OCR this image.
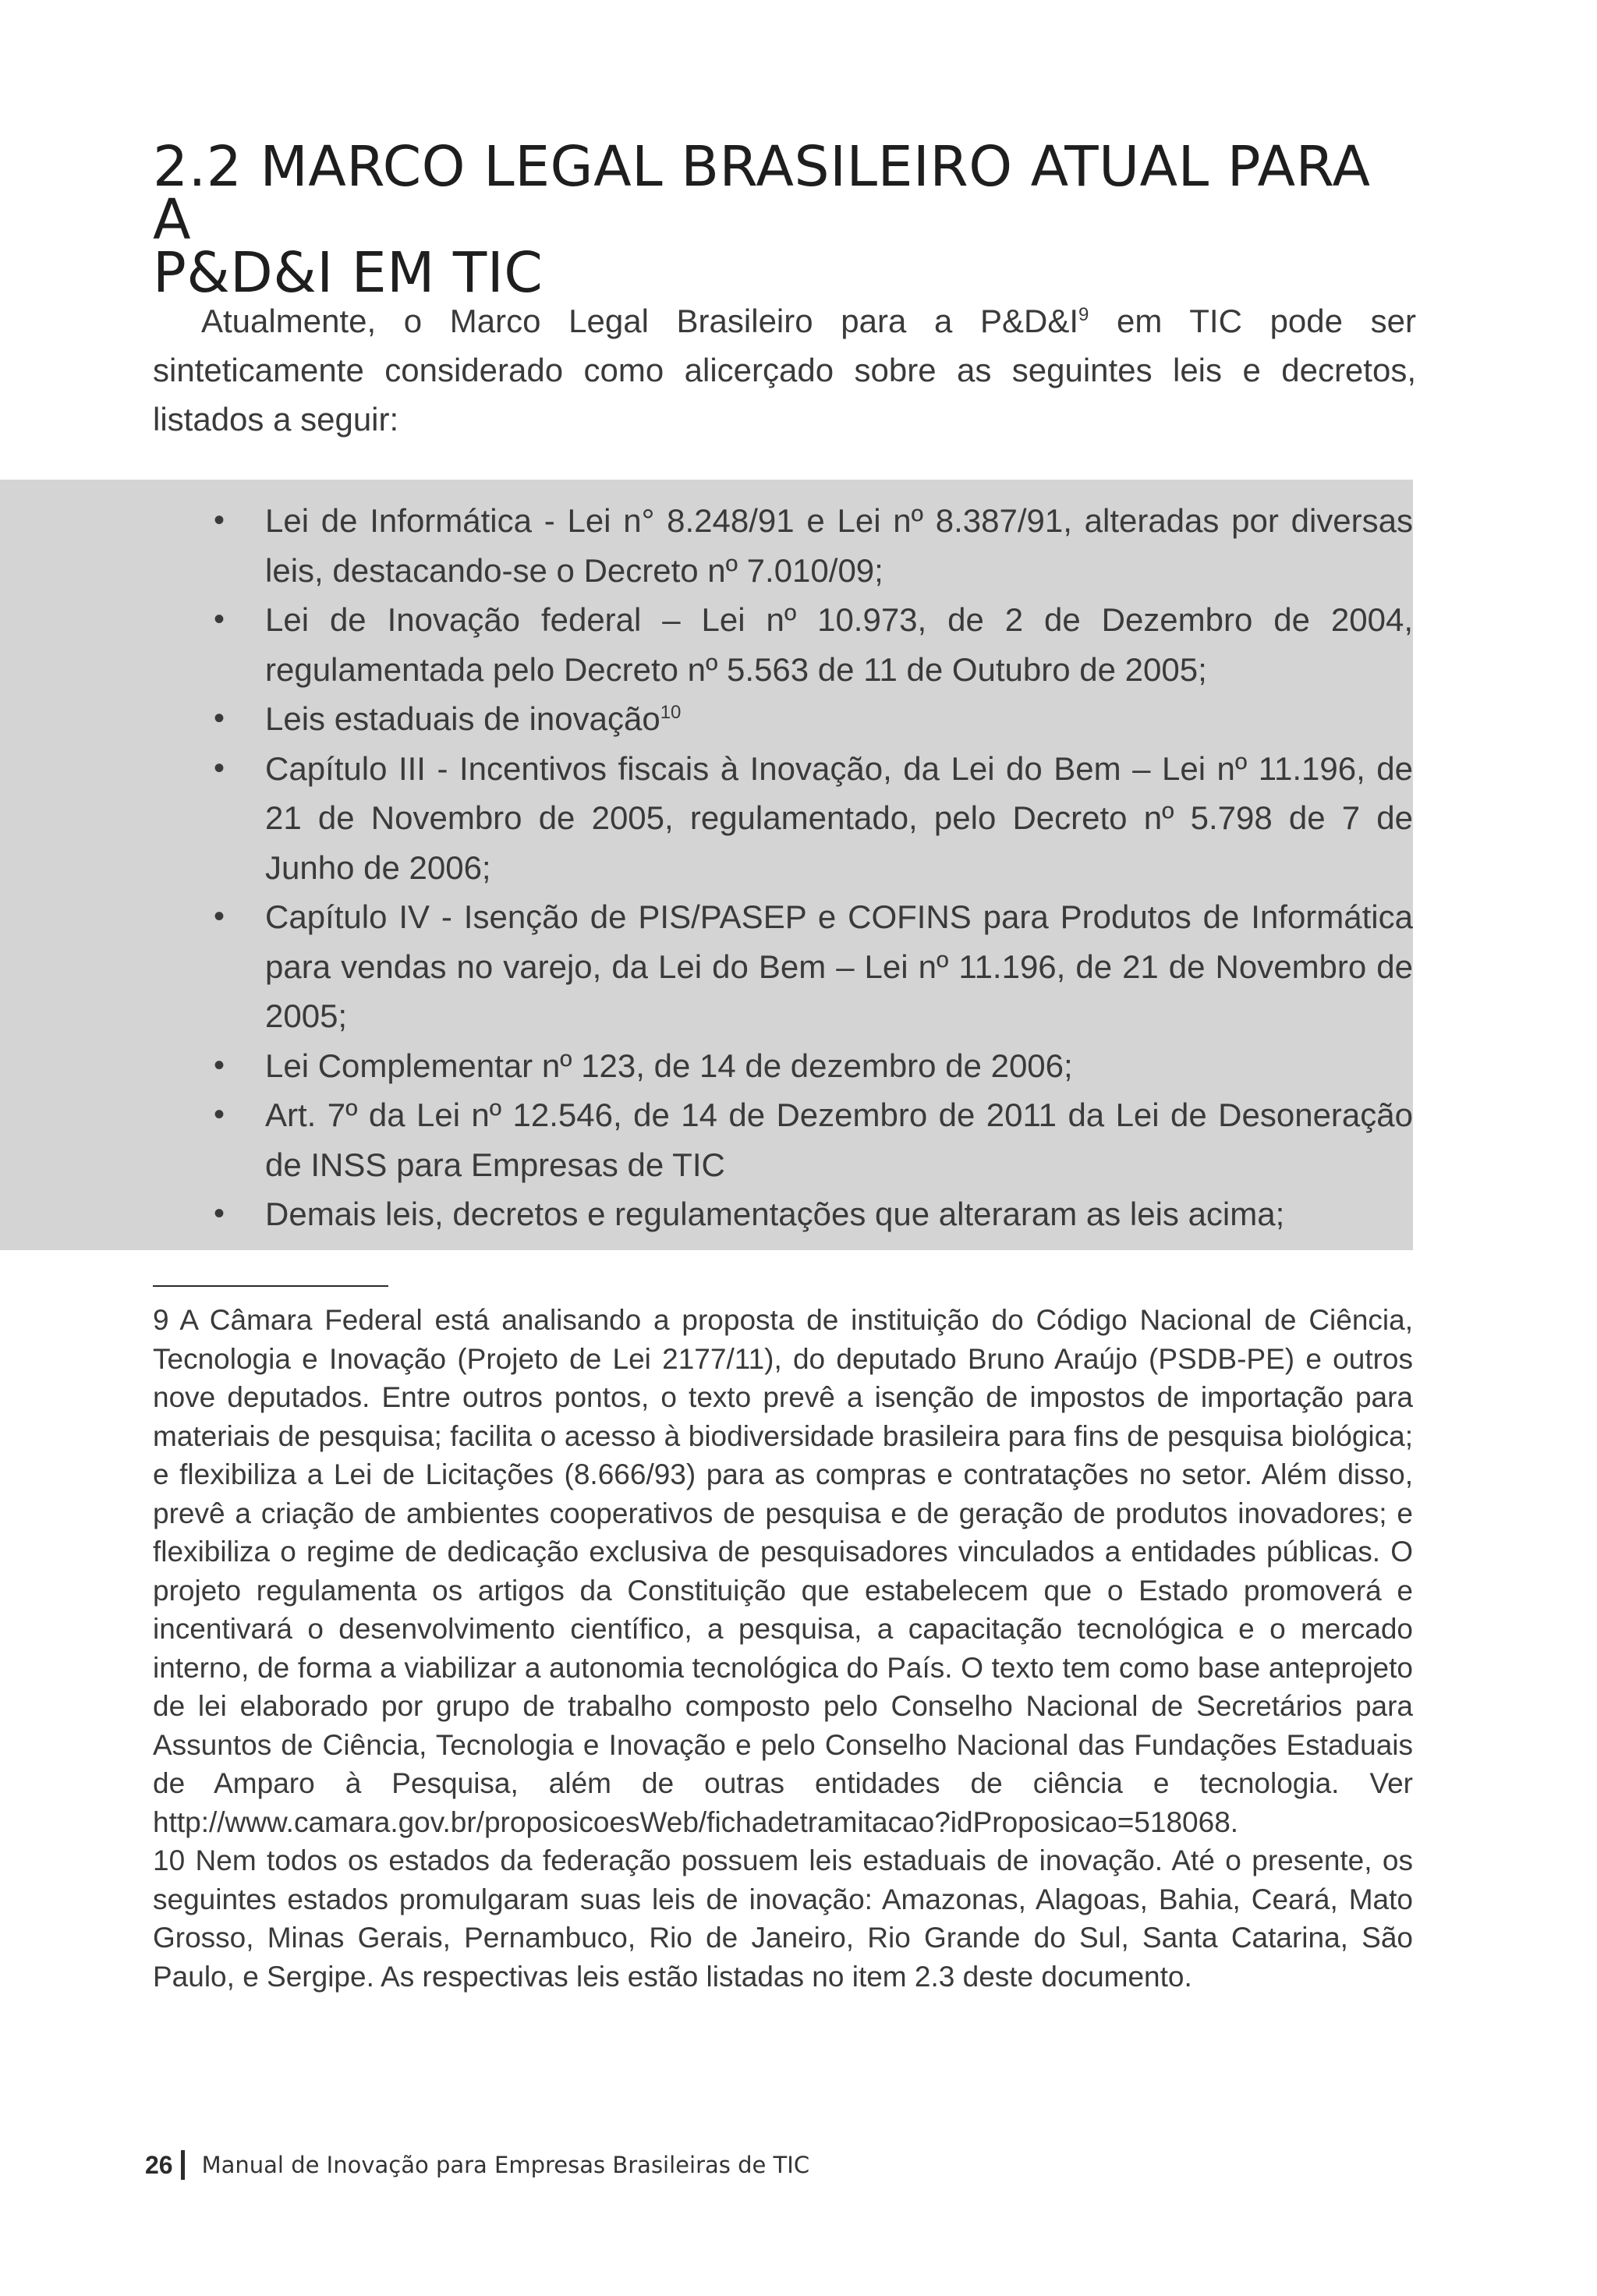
2.2 MARCO LEGAL BRASILEIRO ATUAL PARA A
P&D&I EM TIC

Atualmente, o Marco Legal Brasileiro para a $P\&D\&I^9$ em TIC pode ser sinteticamente considerado como alicerçado sobre as seguintes leis e decretos, listados a seguir:

• Lei de Informática - Lei n° 8.248/91 e Lei nº 8.387/91, alteradas por diversas leis, destacando-se o Decreto nº 7.010/09;
• Lei de Inovação federal – Lei nº 10.973, de 2 de Dezembro de 2004, regulamentada pelo Decreto nº 5.563 de 11 de Outubro de 2005;
• Leis estaduais de inovação$^{10}$
• Capítulo III - Incentivos fiscais à Inovação, da Lei do Bem – Lei nº 11.196, de 21 de Novembro de 2005, regulamentado, pelo Decreto nº 5.798 de 7 de Junho de 2006;
• Capítulo IV - Isenção de PIS/PASEP e COFINS para Produtos de Informática para vendas no varejo, da Lei do Bem – Lei nº 11.196, de 21 de Novembro de 2005;
• Lei Complementar nº 123, de 14 de dezembro de 2006;
• Art. 7º da Lei nº 12.546, de 14 de Dezembro de 2011 da Lei de Desoneração de INSS para Empresas de TIC
• Demais leis, decretos e regulamentações que alteraram as leis acima;

9 A Câmara Federal está analisando a proposta de instituição do Código Nacional de Ciência, Tecnologia e Inovação (Projeto de Lei 2177/11), do deputado Bruno Araújo (PSDB-PE) e outros nove deputados. Entre outros pontos, o texto prevê a isenção de impostos de importação para materiais de pesquisa; facilita o acesso à biodiversidade brasileira para fins de pesquisa biológica; e flexibiliza a Lei de Licitações (8.666/93) para as compras e contratações no setor. Além disso, prevê a criação de ambientes cooperativos de pesquisa e de geração de produtos inovadores; e flexibiliza o regime de dedicação exclusiva de pesquisadores vinculados a entidades públicas. O projeto regulamenta os artigos da Constituição que estabelecem que o Estado promoverá e incentivará o desenvolvimento científico, a pesquisa, a capacitação tecnológica e o mercado interno, de forma a viabilizar a autonomia tecnológica do País. O texto tem como base anteprojeto de lei elaborado por grupo de trabalho composto pelo Conselho Nacional de Secretários para Assuntos de Ciência, Tecnologia e Inovação e pelo Conselho Nacional das Fundações Estaduais de Amparo à Pesquisa, além de outras entidades de ciência e tecnologia. Ver http://www.camara.gov.br/proposicoesWeb/fichadetramitacao?idProposicao=518068.

10 Nem todos os estados da federação possuem leis estaduais de inovação. Até o presente, os seguintes estados promulgaram suas leis de inovação: Amazonas, Alagoas, Bahia, Ceará, Mato Grosso, Minas Gerais, Pernambuco, Rio de Janeiro, Rio Grande do Sul, Santa Catarina, São Paulo, e Sergipe. As respectivas leis estão listadas no item 2.3 deste documento.

26 Manual de Inovação para Empresas Brasileiras de TIC
